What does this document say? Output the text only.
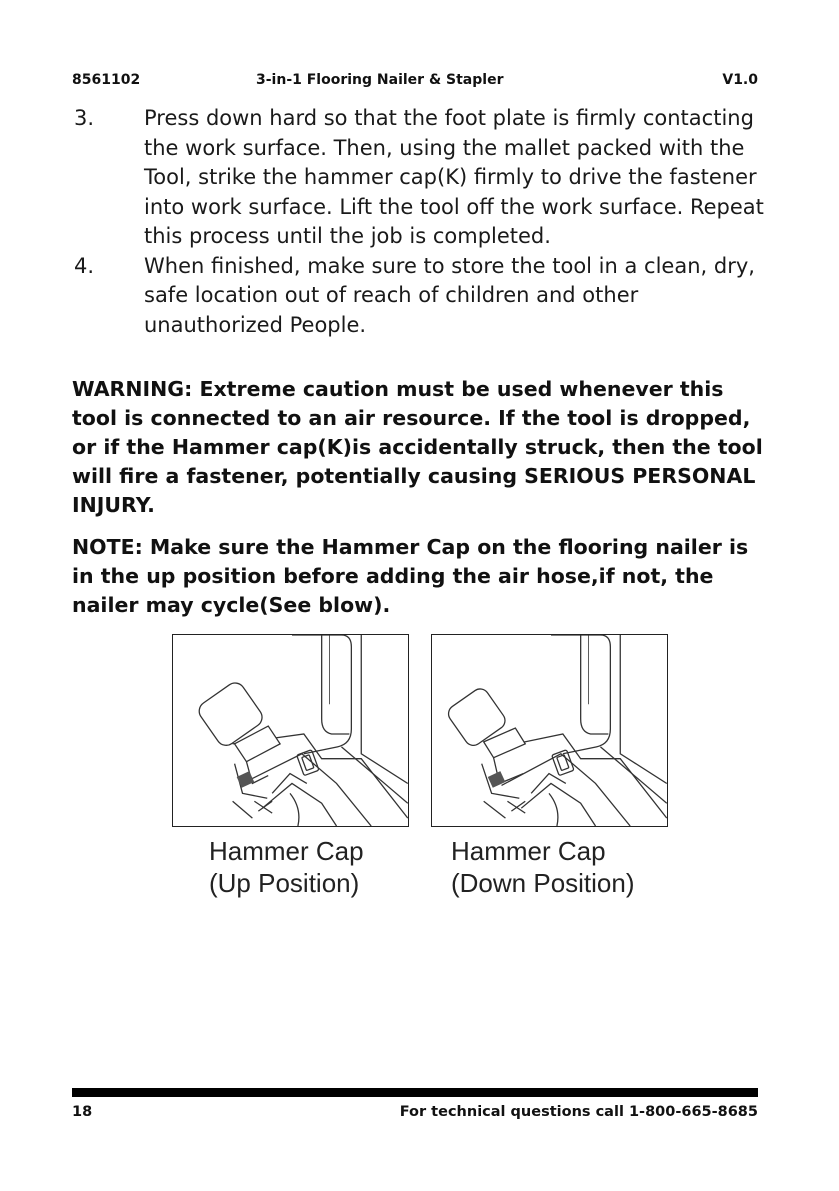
8561102	3-in-1 Flooring Nailer & Stapler	V1.0
3. Press down hard so that the foot plate is firmly contacting the work surface. Then, using the mallet packed with the Tool, strike the hammer cap(K) firmly to drive the fastener into work surface. Lift the tool off the work surface. Repeat this process until the job is completed.
4. When finished, make sure to store the tool in a clean, dry, safe location out of reach of children and other unauthorized People.
WARNING: Extreme caution must be used whenever this tool is connected to an air resource. If the tool is dropped, or if the Hammer cap(K)is accidentally struck, then the tool will fire a fastener, potentially causing SERIOUS PERSONAL INJURY.
NOTE: Make sure the Hammer Cap on the flooring nailer is in the up position before adding the air hose,if not, the nailer may cycle(See blow).
Hammer Cap
(Up Position)
Hammer Cap
(Down Position)
18	For technical questions call 1-800-665-8685
